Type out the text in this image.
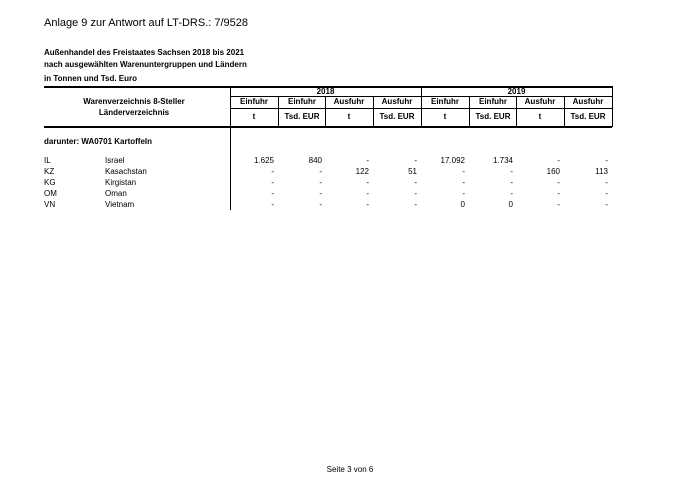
Anlage 9 zur Antwort auf LT-DRS.: 7/9528
Außenhandel des Freistaates Sachsen 2018 bis 2021
nach ausgewählten Warenuntergruppen und Ländern
in Tonnen und Tsd. Euro
Warenverzeichnis 8-Steller
Länderverzeichnis
2018	2019
Einfuhr	Einfuhr	Ausfuhr	Ausfuhr	Einfuhr	Einfuhr	Ausfuhr	Ausfuhr
t	Tsd. EUR	t	Tsd. EUR	t	Tsd. EUR	t	Tsd. EUR
darunter: WA0701 Kartoffeln
IL	Israel	1.625	840	-	-	17.092	1.734	-	-
KZ	Kasachstan	-	-	122	51	-	-	160	113
KG	Kirgistan	-	-	-	-	-	-	-	-
OM	Oman	-	-	-	-	-	-	-	-
VN	Vietnam	-	-	-	-	0	0	-	-
Seite 3 von 6
